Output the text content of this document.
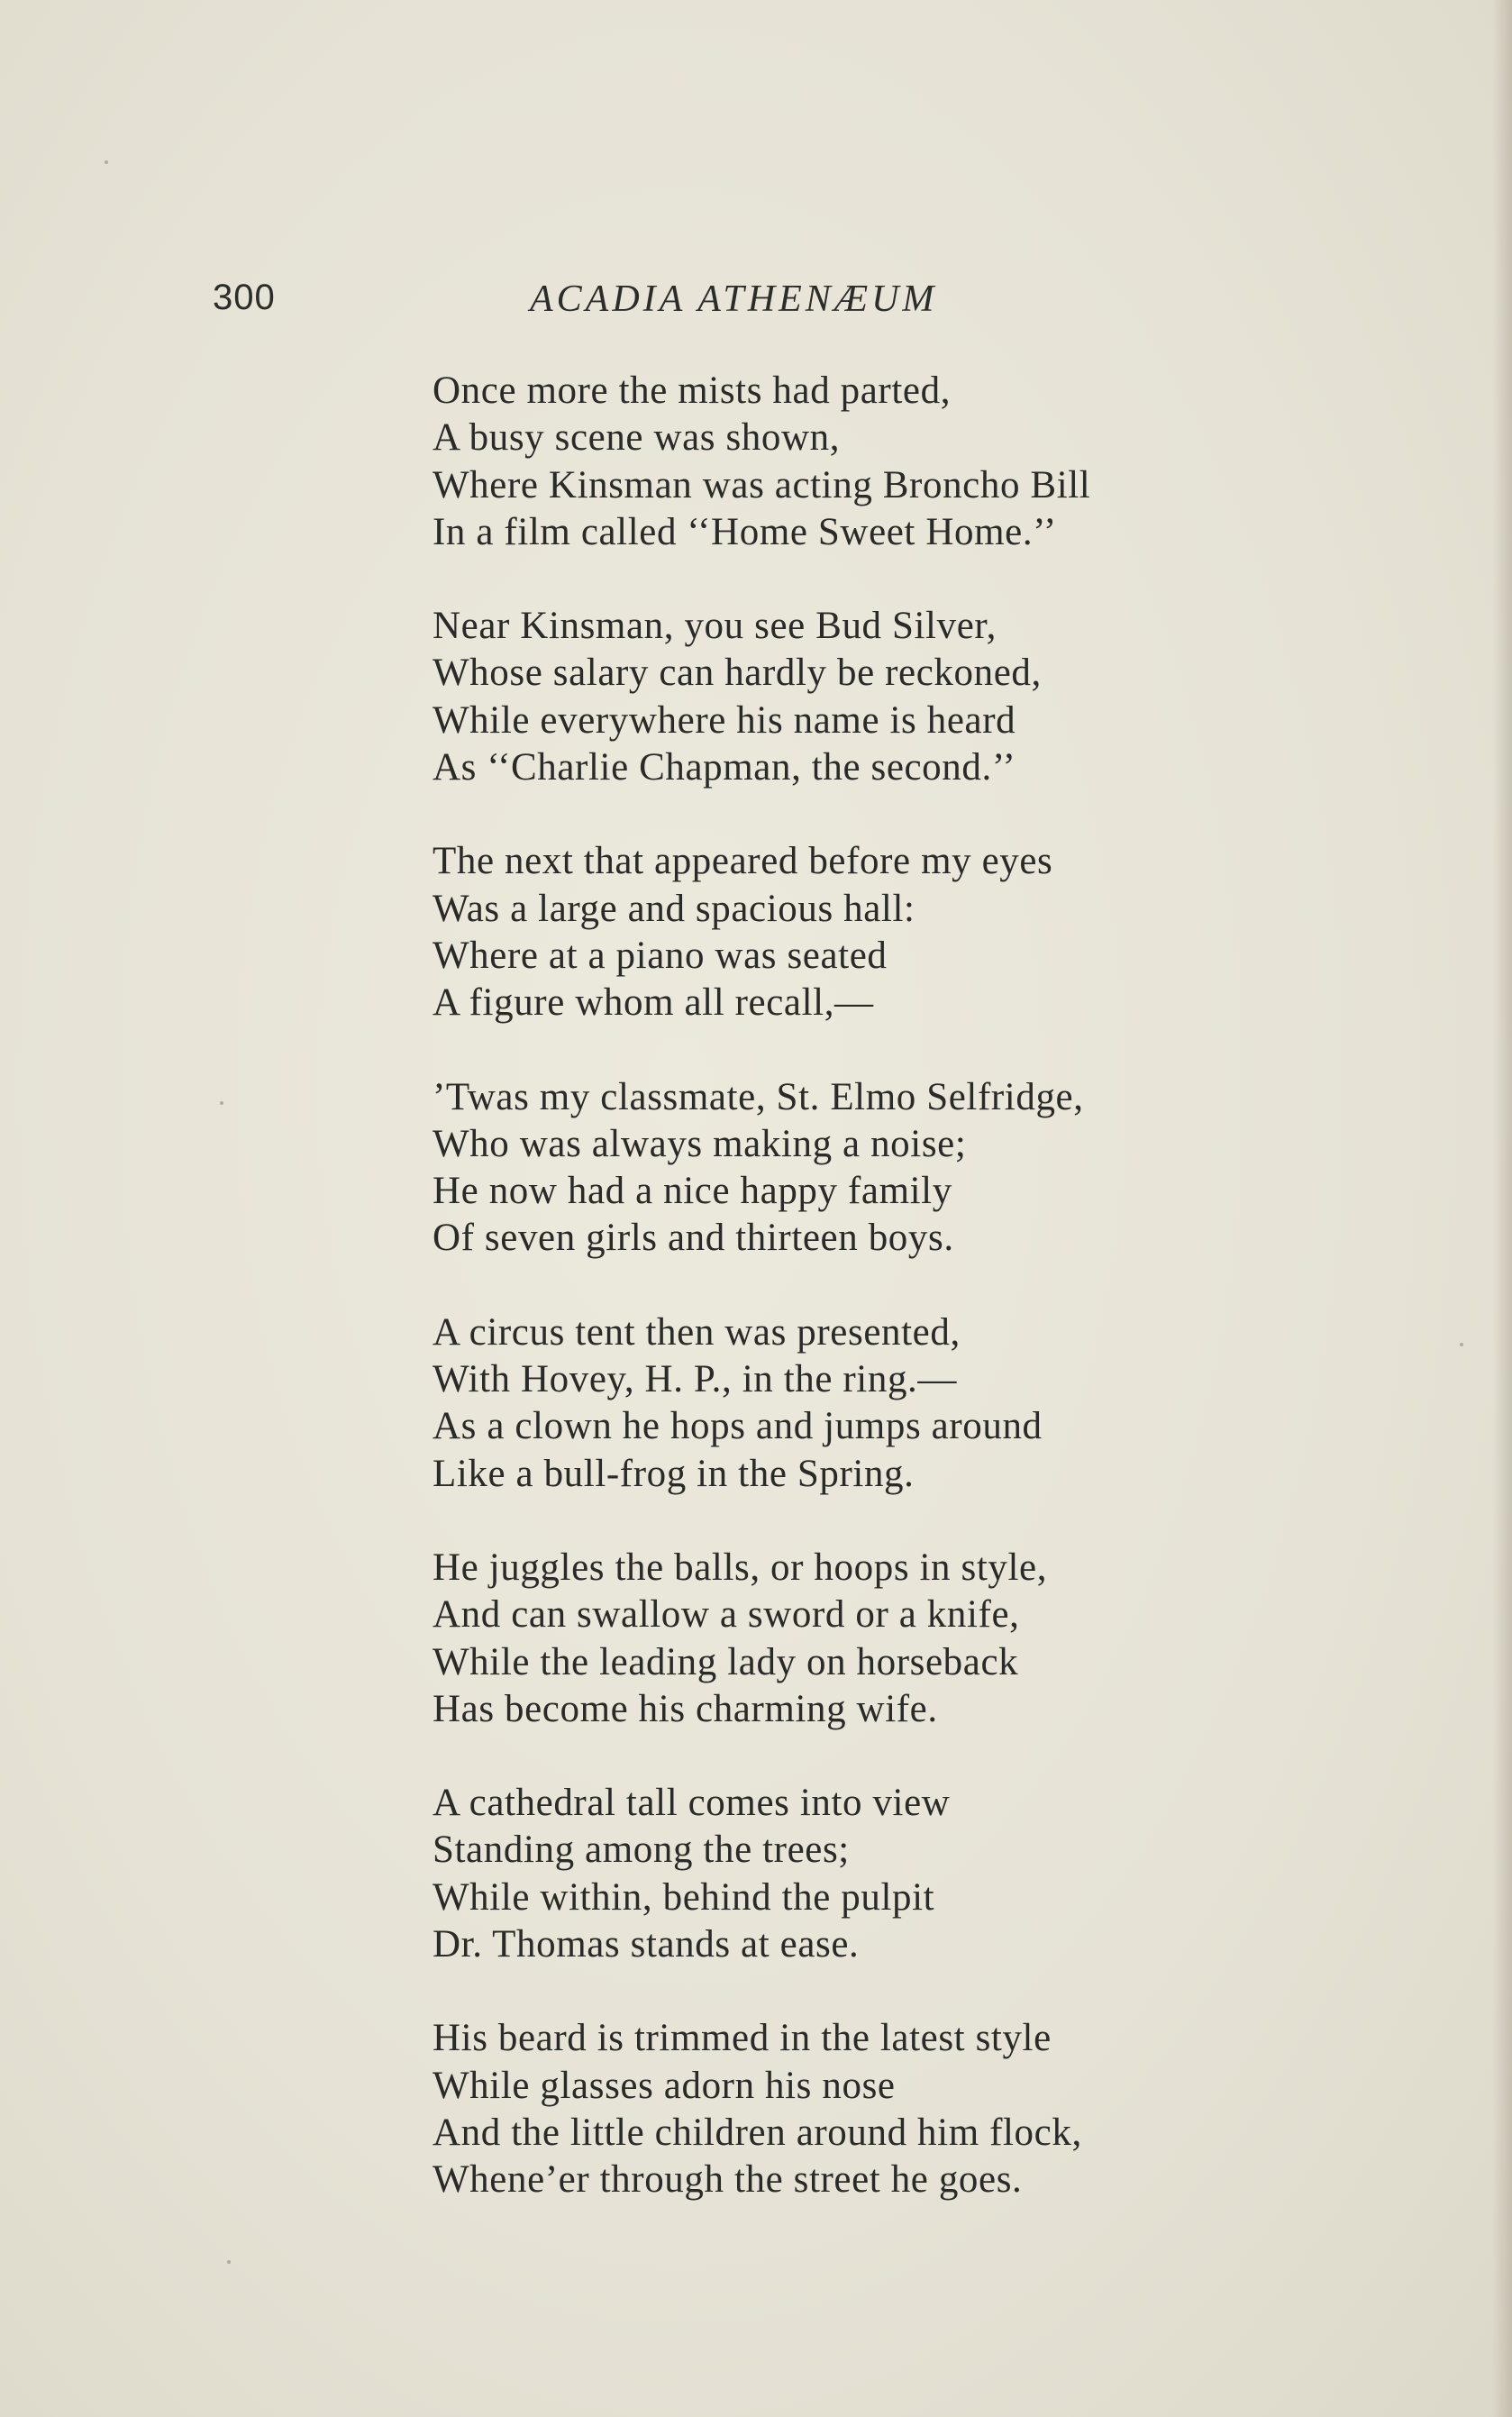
300	ACADIA ATHENÆUM
Once more the mists had parted,
A busy scene was shown,
Where Kinsman was acting Broncho Bill
In a film called ‘‘Home Sweet Home.’’
Near Kinsman, you see Bud Silver,
Whose salary can hardly be reckoned,
While everywhere his name is heard
As ‘‘Charlie Chapman, the second.’’
The next that appeared before my eyes
Was a large and spacious hall:
Where at a piano was seated
A figure whom all recall,—
’Twas my classmate, St. Elmo Selfridge,
Who was always making a noise;
He now had a nice happy family
Of seven girls and thirteen boys.
A circus tent then was presented,
With Hovey, H. P., in the ring.—
As a clown he hops and jumps around
Like a bull-frog in the Spring.
He juggles the balls, or hoops in style,
And can swallow a sword or a knife,
While the leading lady on horseback
Has become his charming wife.
A cathedral tall comes into view
Standing among the trees;
While within, behind the pulpit
Dr. Thomas stands at ease.
His beard is trimmed in the latest style
While glasses adorn his nose
And the little children around him flock,
Whene’er through the street he goes.
